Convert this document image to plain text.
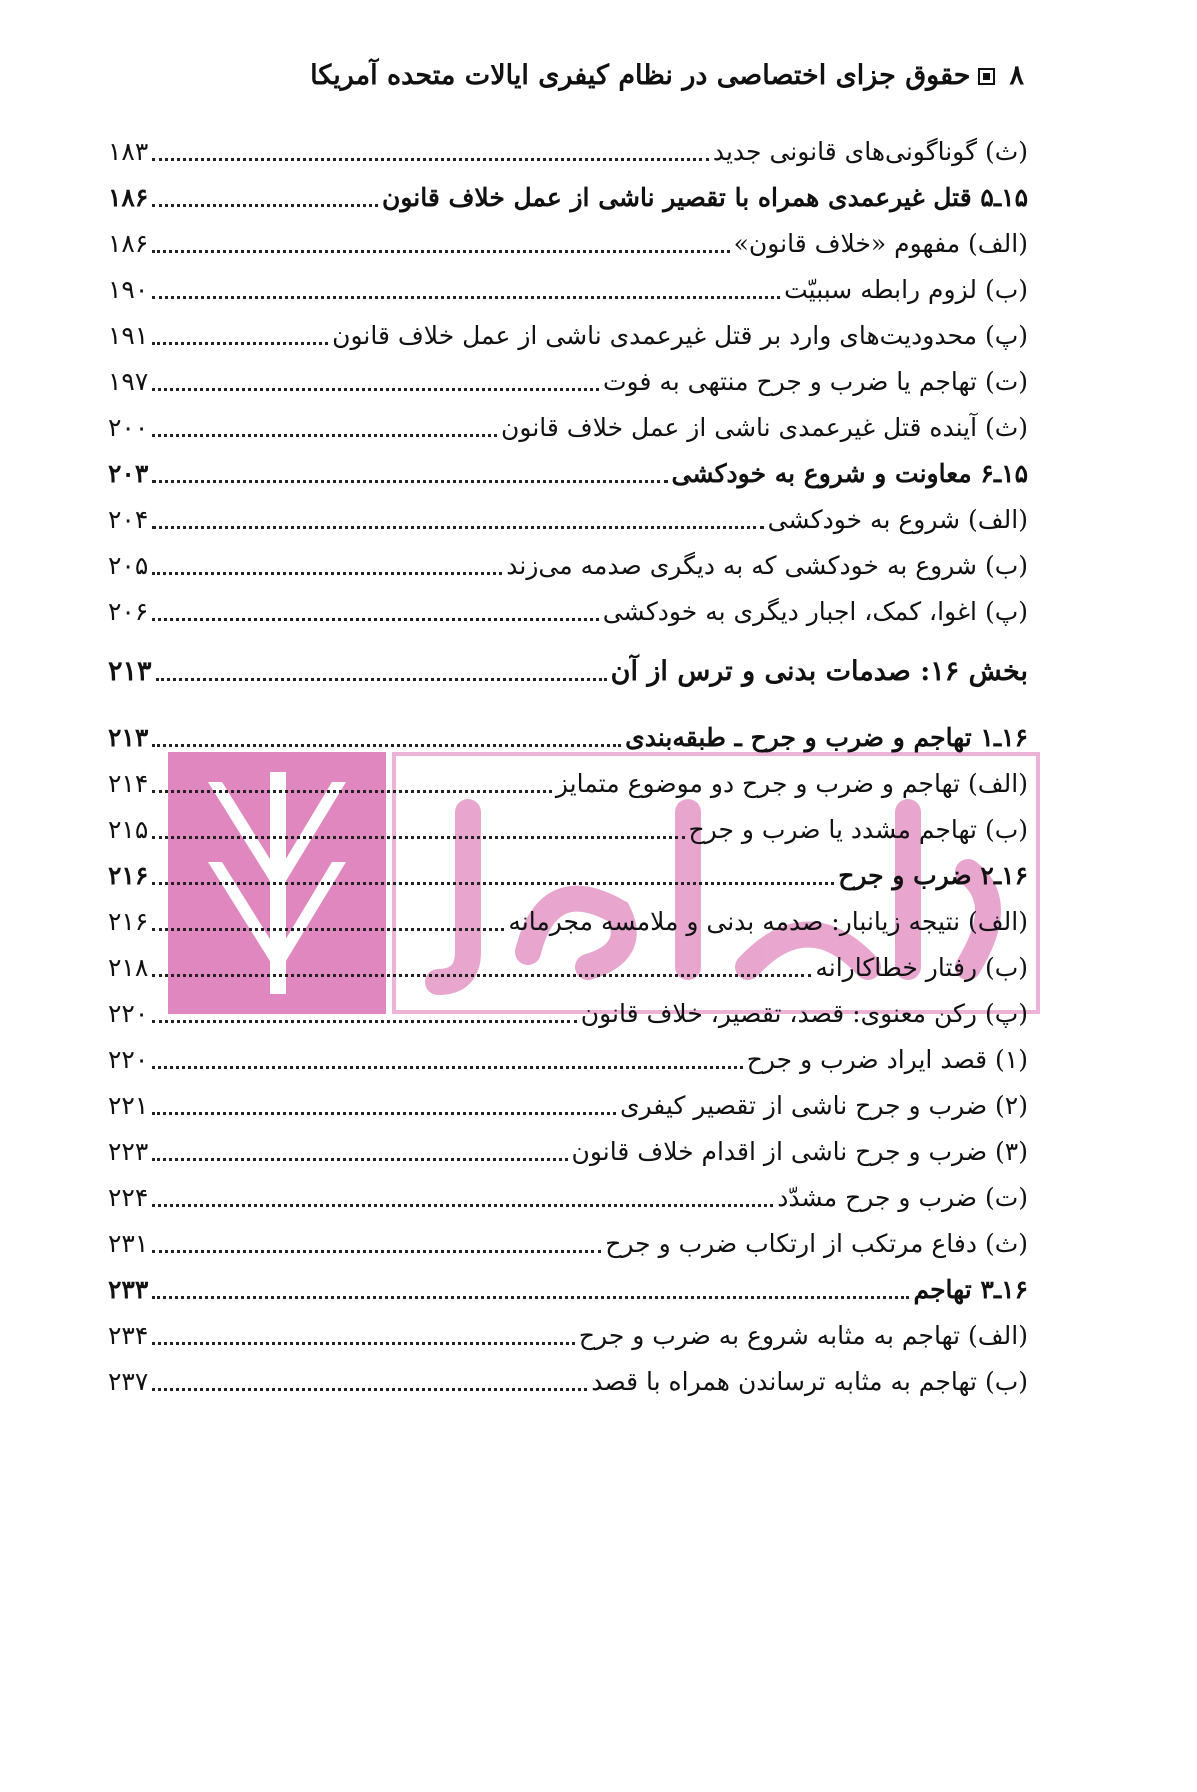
۸حقوق جزای اختصاصی در نظام کیفری ایالات متحده آمریکا
(ث) گوناگونی‌های قانونی جدید
۱۸۳
۱۵ـ۵ قتل غیرعمدی همراه با تقصیر ناشی از عمل خلاف قانون
۱۸۶
(الف) مفهوم «خلاف قانون»
۱۸۶
(ب) لزوم رابطه سببیّت
۱۹۰
(پ) محدودیت‌های وارد بر قتل غیرعمدی ناشی از عمل خلاف قانون
۱۹۱
(ت) تهاجم یا ضرب و جرح منتهی به فوت
۱۹۷
(ث) آینده قتل غیرعمدی ناشی از عمل خلاف قانون
۲۰۰
۱۵ـ۶ معاونت و شروع به خودکشی
۲۰۳
(الف) شروع به خودکشی
۲۰۴
(ب) شروع به خودکشی که به دیگری صدمه می‌زند
۲۰۵
(پ) اغوا، کمک، اجبار دیگری به خودکشی
۲۰۶
بخش ۱۶: صدمات بدنی و ترس از آن
۲۱۳
۱۶ـ۱ تهاجم و ضرب و جرح ـ طبقه‌بندی
۲۱۳
(الف) تهاجم و ضرب و جرح دو موضوع متمایز
۲۱۴
(ب) تهاجم مشدد یا ضرب و جرح
۲۱۵
۱۶ـ۲ ضرب و جرح
۲۱۶
(الف) نتیجه زیانبار: صدمه بدنی و ملامسه مجرمانه
۲۱۶
(ب) رفتار خطاکارانه
۲۱۸
(پ) رکن معنوی: قصد، تقصیر، خلاف قانون
۲۲۰
(۱) قصد ایراد ضرب و جرح
۲۲۰
(۲) ضرب و جرح ناشی از تقصیر کیفری
۲۲۱
(۳) ضرب و جرح ناشی از اقدام خلاف قانون
۲۲۳
(ت) ضرب و جرح مشدّد
۲۲۴
(ث) دفاع مرتکب از ارتکاب ضرب و جرح
۲۳۱
۱۶ـ۳ تهاجم
۲۳۳
(الف) تهاجم به مثابه شروع به ضرب و جرح
۲۳۴
(ب) تهاجم به مثابه ترساندن همراه با قصد
۲۳۷
